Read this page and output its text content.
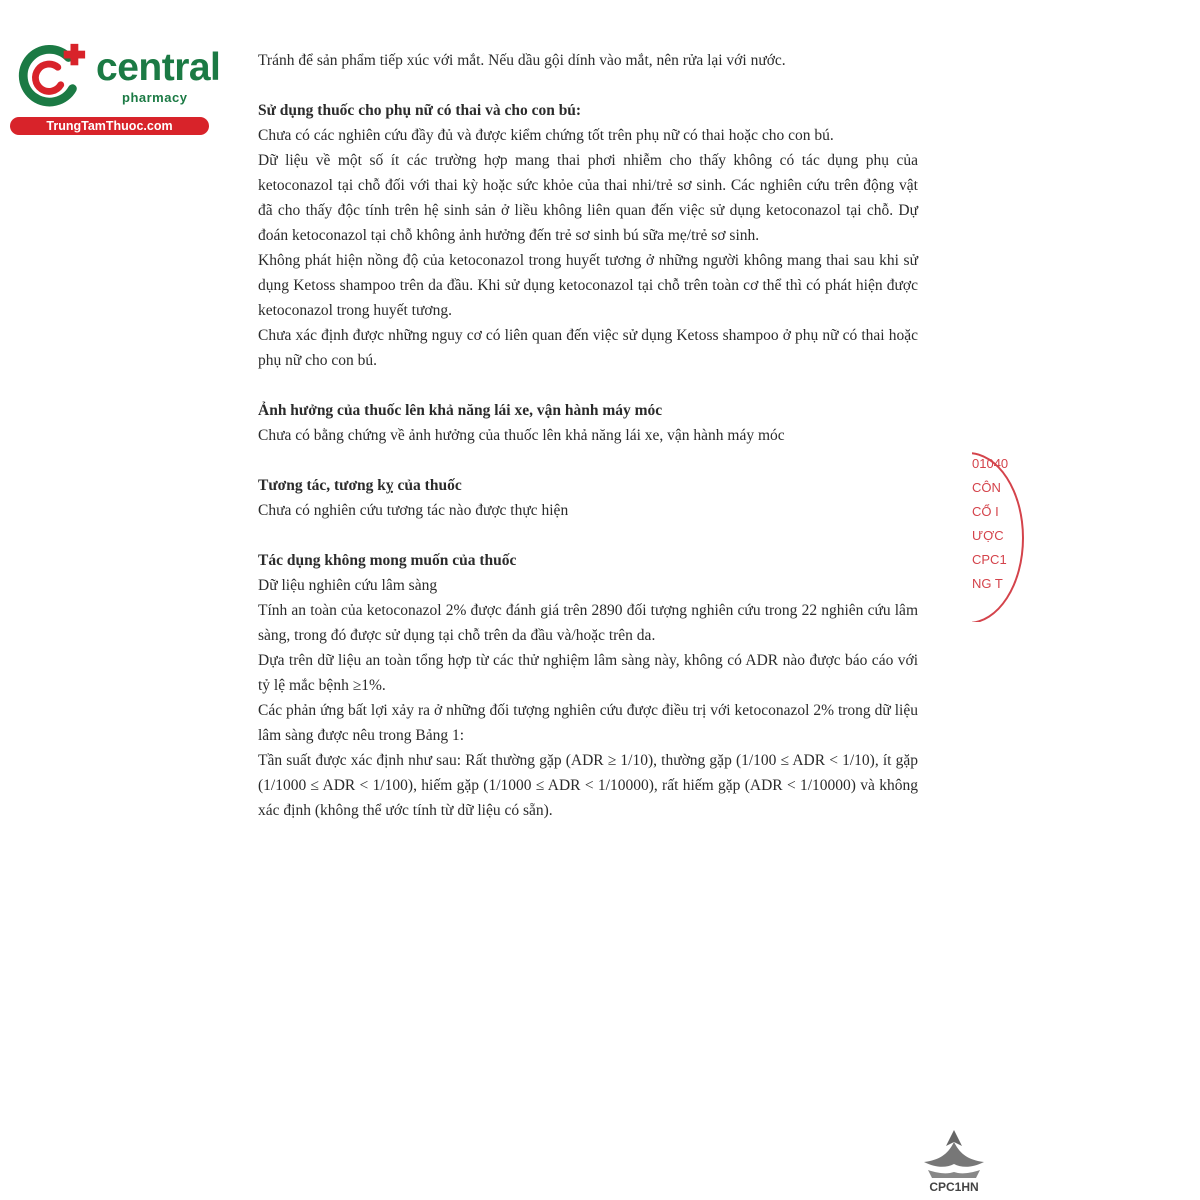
central
pharmacy
TrungTamThuoc.com

Tránh để sản phẩm tiếp xúc với mắt. Nếu dầu gội dính vào mắt, nên rửa lại với nước.

Sử dụng thuốc cho phụ nữ có thai và cho con bú:

Chưa có các nghiên cứu đầy đủ và được kiểm chứng tốt trên phụ nữ có thai hoặc cho con bú.

Dữ liệu về một số ít các trường hợp mang thai phơi nhiễm cho thấy không có tác dụng phụ của ketoconazol tại chỗ đối với thai kỳ hoặc sức khỏe của thai nhi/trẻ sơ sinh. Các nghiên cứu trên động vật đã cho thấy độc tính trên hệ sinh sản ở liều không liên quan đến việc sử dụng ketoconazol tại chỗ. Dự đoán ketoconazol tại chỗ không ảnh hưởng đến trẻ sơ sinh bú sữa mẹ/trẻ sơ sinh.

Không phát hiện nồng độ của ketoconazol trong huyết tương ở những người không mang thai sau khi sử dụng Ketoss shampoo trên da đầu. Khi sử dụng ketoconazol tại chỗ trên toàn cơ thể thì có phát hiện được ketoconazol trong huyết tương.

Chưa xác định được những nguy cơ có liên quan đến việc sử dụng Ketoss shampoo ở phụ nữ có thai hoặc phụ nữ cho con bú.

Ảnh hưởng của thuốc lên khả năng lái xe, vận hành máy móc

Chưa có bằng chứng về ảnh hưởng của thuốc lên khả năng lái xe, vận hành máy móc

Tương tác, tương kỵ của thuốc

Chưa có nghiên cứu tương tác nào được thực hiện

Tác dụng không mong muốn của thuốc

Dữ liệu nghiên cứu lâm sàng

Tính an toàn của ketoconazol 2% được đánh giá trên 2890 đối tượng nghiên cứu trong 22 nghiên cứu lâm sàng, trong đó được sử dụng tại chỗ trên da đầu và/hoặc trên da.

Dựa trên dữ liệu an toàn tổng hợp từ các thử nghiệm lâm sàng này, không có ADR nào được báo cáo với tỷ lệ mắc bệnh ≥1%.

Các phản ứng bất lợi xảy ra ở những đối tượng nghiên cứu được điều trị với ketoconazol 2% trong dữ liệu lâm sàng được nêu trong Bảng 1:

Tần suất được xác định như sau: Rất thường gặp (ADR ≥ 1/10), thường gặp (1/100 ≤ ADR < 1/10), ít gặp (1/1000 ≤ ADR < 1/100), hiếm gặp (1/1000 ≤ ADR < 1/10000), rất hiếm gặp (ADR < 1/10000) và không xác định (không thể ước tính từ dữ liệu có sẵn).

01040
CÔN
CỔ I
ƯỢC
CPC1
NG T
CPC1HN
